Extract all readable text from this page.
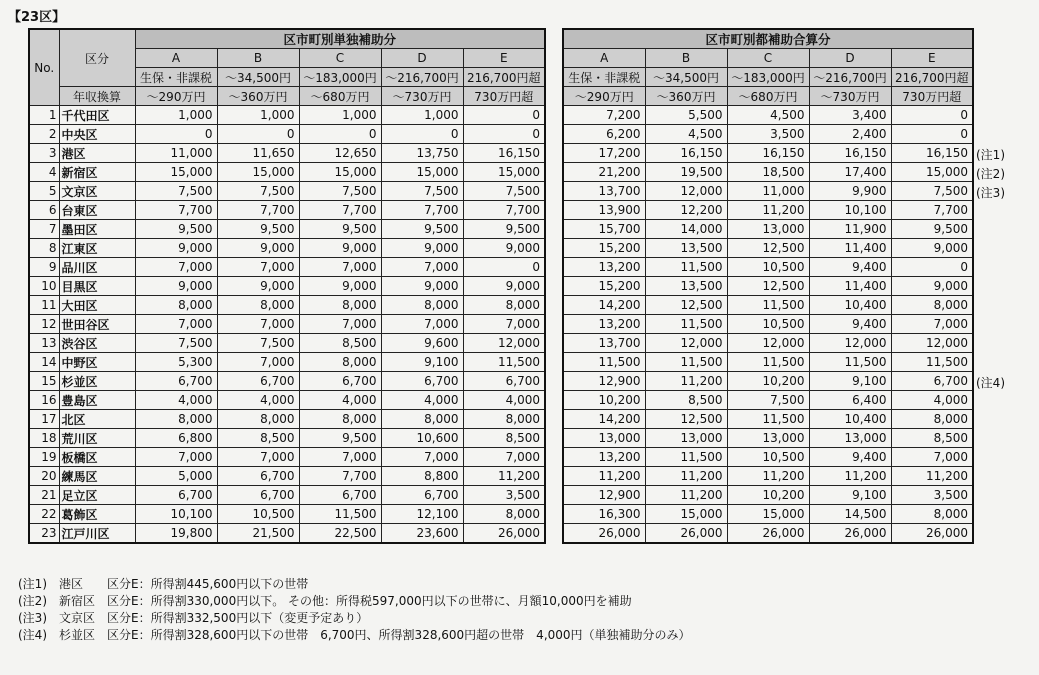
【23区】
No.	区分	区市町別単独補助分				
		A	B	C	D	E
		生保・非課税	～34,500円	～183,000円	～216,700円	216,700円超
	年収換算	～290万円	～360万円	～680万円	～730万円	730万円超
1	千代田区	1,000	1,000	1,000	1,000	0
2	中央区	0	0	0	0	0
3	港区	11,000	11,650	12,650	13,750	16,150
4	新宿区	15,000	15,000	15,000	15,000	15,000
5	文京区	7,500	7,500	7,500	7,500	7,500
6	台東区	7,700	7,700	7,700	7,700	7,700
7	墨田区	9,500	9,500	9,500	9,500	9,500
8	江東区	9,000	9,000	9,000	9,000	9,000
9	品川区	7,000	7,000	7,000	7,000	0
10	目黒区	9,000	9,000	9,000	9,000	9,000
11	大田区	8,000	8,000	8,000	8,000	8,000
12	世田谷区	7,000	7,000	7,000	7,000	7,000
13	渋谷区	7,500	7,500	8,500	9,600	12,000
14	中野区	5,300	7,000	8,000	9,100	11,500
15	杉並区	6,700	6,700	6,700	6,700	6,700
16	豊島区	4,000	4,000	4,000	4,000	4,000
17	北区	8,000	8,000	8,000	8,000	8,000
18	荒川区	6,800	8,500	9,500	10,600	8,500
19	板橋区	7,000	7,000	7,000	7,000	7,000
20	練馬区	5,000	6,700	7,700	8,800	11,200
21	足立区	6,700	6,700	6,700	6,700	3,500
22	葛飾区	10,100	10,500	11,500	12,100	8,000
23	江戸川区	19,800	21,500	22,500	23,600	26,000
区市町別都補助合算分				
A	B	C	D	E
生保・非課税	～34,500円	～183,000円	～216,700円	216,700円超
～290万円	～360万円	～680万円	～730万円	730万円超
7,200	5,500	4,500	3,400	0
6,200	4,500	3,500	2,400	0
17,200	16,150	16,150	16,150	16,150
21,200	19,500	18,500	17,400	15,000
13,700	12,000	11,000	9,900	7,500
13,900	12,200	11,200	10,100	7,700
15,700	14,000	13,000	11,900	9,500
15,200	13,500	12,500	11,400	9,000
13,200	11,500	10,500	9,400	0
15,200	13,500	12,500	11,400	9,000
14,200	12,500	11,500	10,400	8,000
13,200	11,500	10,500	9,400	7,000
13,700	12,000	12,000	12,000	12,000
11,500	11,500	11,500	11,500	11,500
12,900	11,200	10,200	9,100	6,700
10,200	8,500	7,500	6,400	4,000
14,200	12,500	11,500	10,400	8,000
13,000	13,000	13,000	13,000	8,500
13,200	11,500	10,500	9,400	7,000
11,200	11,200	11,200	11,200	11,200
12,900	11,200	10,200	9,100	3,500
16,300	15,000	15,000	14,500	8,000
26,000	26,000	26,000	26,000	26,000
(注1)
(注2)
(注3)
(注4)
(注1)　港区　　区分E：所得割445,600円以下の世帯
(注2)　新宿区　区分E：所得割330,000円以下。 その他：所得税597,000円以下の世帯に、月額10,000円を補助
(注3)　文京区　区分E：所得割332,500円以下（変更予定あり）
(注4)　杉並区　区分E：所得割328,600円以下の世帯　6,700円、所得割328,600円超の世帯　4,000円（単独補助分のみ）
